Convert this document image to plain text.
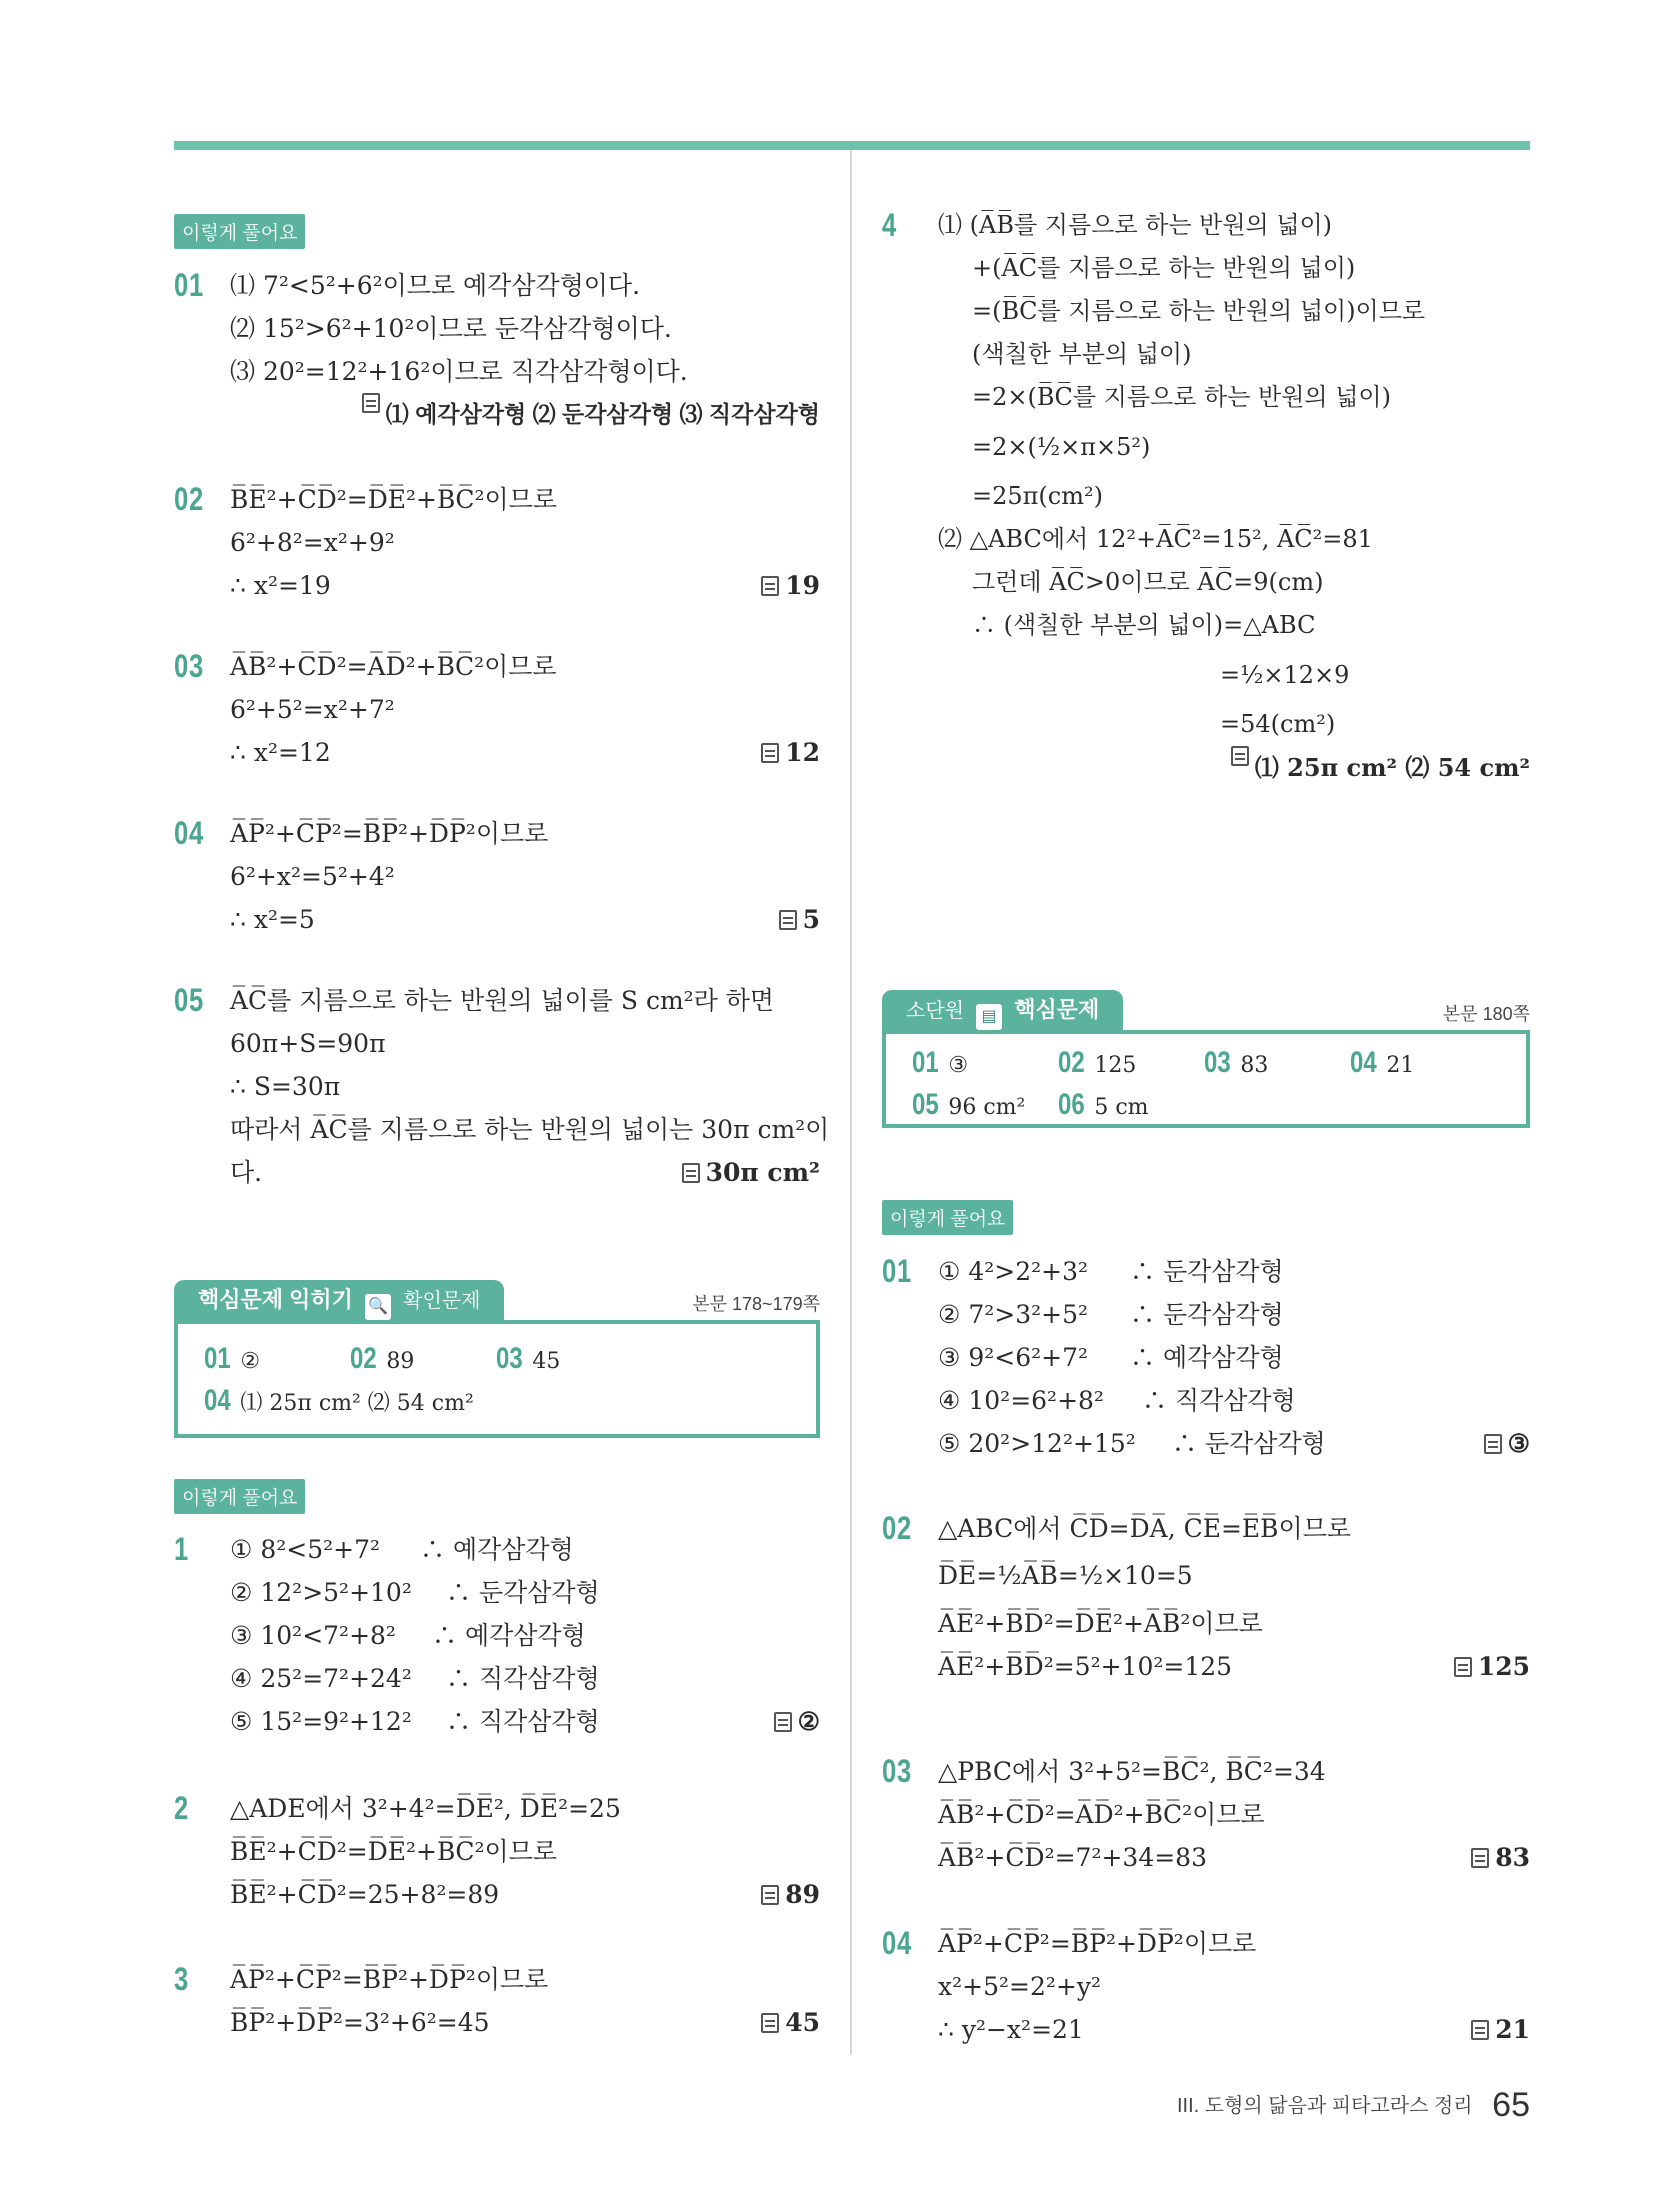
이렇게 풀어요
01 ⑴ 7²<5²+6²이므로 예각삼각형이다.
⑵ 15²>6²+10²이므로 둔각삼각형이다.
⑶ 20²=12²+16²이므로 직각삼각형이다.
⑴ 예각삼각형 ⑵ 둔각삼각형 ⑶ 직각삼각형
02 B̅E̅²+C̅D̅²=D̅E̅²+B̅C̅²이므로
6²+8²=x²+9²
∴ x²=19	19
03 A̅B̅²+C̅D̅²=A̅D̅²+B̅C̅²이므로
6²+5²=x²+7²
∴ x²=12	12
04 A̅P̅²+C̅P̅²=B̅P̅²+D̅P̅²이므로
6²+x²=5²+4²
∴ x²=5	5
05 A̅C̅를 지름으로 하는 반원의 넓이를 S cm²라 하면
60π+S=90π
∴ S=30π
따라서 A̅C̅를 지름으로 하는 반원의 넓이는 30π cm²이
다.	30π cm²
핵심문제 익히기 🔍 확인문제	본문 178~179쪽
01 ②	02 89	03 45
04 ⑴ 25π cm² ⑵ 54 cm²
이렇게 풀어요
1 ① 8²<5²+7² ∴ 예각삼각형
② 12²>5²+10² ∴ 둔각삼각형
③ 10²<7²+8² ∴ 예각삼각형
④ 25²=7²+24² ∴ 직각삼각형
⑤ 15²=9²+12² ∴ 직각삼각형	②
2 △ADE에서 3²+4²=D̅E̅², D̅E̅²=25
B̅E̅²+C̅D̅²=D̅E̅²+B̅C̅²이므로
B̅E̅²+C̅D̅²=25+8²=89	89
3 A̅P̅²+C̅P̅²=B̅P̅²+D̅P̅²이므로
B̅P̅²+D̅P̅²=3²+6²=45	45
4 ⑴ (A̅B̅를 지름으로 하는 반원의 넓이)
+(A̅C̅를 지름으로 하는 반원의 넓이)
=(B̅C̅를 지름으로 하는 반원의 넓이)이므로
(색칠한 부분의 넓이)
=2×(B̅C̅를 지름으로 하는 반원의 넓이)
=2×(½×π×5²)
=25π(cm²)
⑵ △ABC에서 12²+A̅C̅²=15², A̅C̅²=81
그런데 A̅C̅>0이므로 A̅C̅=9(cm)
∴ (색칠한 부분의 넓이)=△ABC
=½×12×9
=54(cm²)
⑴ 25π cm² ⑵ 54 cm²
소단원 ▤ 핵심문제	본문 180쪽
01 ③	02 125	03 83	04 21
05 96 cm²	06 5 cm
이렇게 풀어요
01 ① 4²>2²+3² ∴ 둔각삼각형
② 7²>3²+5² ∴ 둔각삼각형
③ 9²<6²+7² ∴ 예각삼각형
④ 10²=6²+8² ∴ 직각삼각형
⑤ 20²>12²+15² ∴ 둔각삼각형	③
02 △ABC에서 C̅D̅=D̅A̅, C̅E̅=E̅B̅이므로
D̅E̅=½A̅B̅=½×10=5
A̅E̅²+B̅D̅²=D̅E̅²+A̅B̅²이므로
A̅E̅²+B̅D̅²=5²+10²=125	125
03 △PBC에서 3²+5²=B̅C̅², B̅C̅²=34
A̅B̅²+C̅D̅²=A̅D̅²+B̅C̅²이므로
A̅B̅²+C̅D̅²=7²+34=83	83
04 A̅P̅²+C̅P̅²=B̅P̅²+D̅P̅²이므로
x²+5²=2²+y²
∴ y²−x²=21	21
III. 도형의 닮음과 피타고라스 정리 65
